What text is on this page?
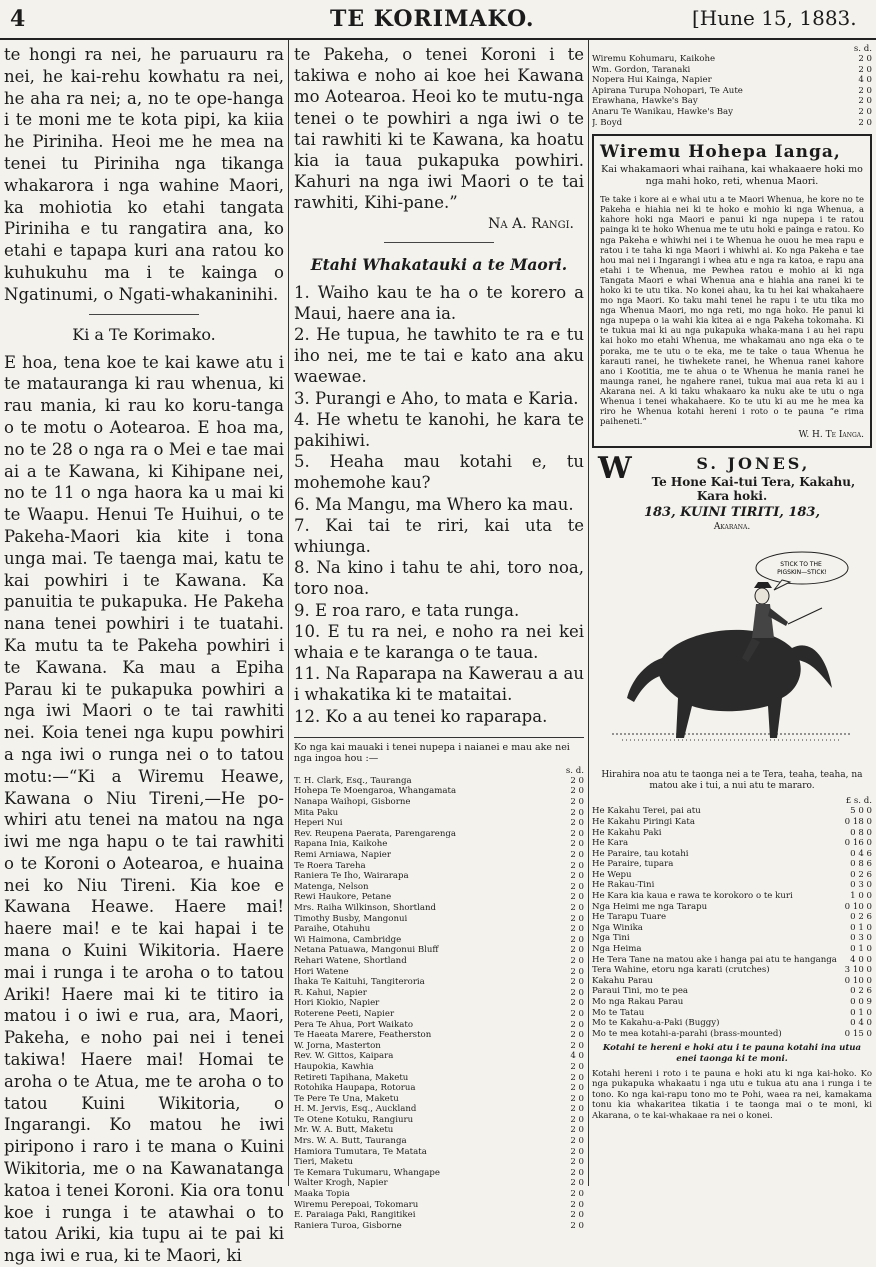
4	TE KORIMAKO.	[Hune 15, 1883.

te hongi ra nei, he paruauru ra nei, he kai-rehu kowhatu ra nei, he aha ra nei; a, no te ope-hanga i te moni me te kota pipi, ka kiia he Piriniha. Heoi me he mea na tenei tu Piriniha nga tikanga whakarora i nga wahine Maori, ka mohiotia ko etahi tangata Piriniha e tu rangatira ana, ko etahi e tapapa kuri ana ratou ko kuhukuhu ma i te kainga o Ngatinumi, o Ngati-whakaninihi.

Ki a Te Korimako.

E hoa, tena koe te kai kawe atu i te matauranga ki rau whenua, ki rau mania, ki rau ko koru-tanga o te motu o Aotearoa. E hoa ma, no te 28 o nga ra o Mei e tae mai ai a te Kawana, ki Kihipane nei, no te 11 o nga haora ka u mai ki te Waapu. Henui Te Huihui, o te Pakeha-Maori kia kite i tona unga mai. Te taenga mai, katu te kai powhiri i te Kawana. Ka panuitia te pukapuka. He Pakeha nana tenei powhiri i te tuatahi. Ka mutu ta te Pakeha powhiri i te Kawana. Ka mau a Epiha Parau ki te pukapuka powhiri a nga iwi Maori o te tai rawhiti nei. Koia tenei nga kupu powhiri a nga iwi o runga nei o to tatou motu:—“Ki a Wiremu Heawe, Kawana o Niu Tireni,—He po-whiri atu tenei na matou na nga iwi me nga hapu o te tai rawhiti o te Koroni o Aotearoa, e huaina nei ko Niu Tireni. Kia koe e Kawana Heawe. Haere mai! haere mai! e te kai hapai i te mana o Kuini Wikitoria. Haere mai i runga i te aroha o to tatou Ariki! Haere mai ki te titiro ia matou i o iwi e rua, ara, Maori, Pakeha, e noho pai nei i tenei takiwa! Haere mai! Homai te aroha o te Atua, me te aroha o to tatou Kuini Wikitoria, o Ingarangi. Ko matou he iwi piripono i raro i te mana o Kuini Wikitoria, me o na Kawanatanga katoa i tenei Koroni. Kia ora tonu koe i runga i te atawhai o to tatou Ariki, kia tupu ai te pai ki nga iwi e rua, ki te Maori, ki

te Pakeha, o tenei Koroni i te takiwa e noho ai koe hei Kawana mo Aotearoa. Heoi ko te mutu-nga tenei o te powhiri a nga iwi o te tai rawhiti ki te Kawana, ka hoatu kia ia taua pukapuka powhiri. Kahuri na nga iwi Maori o te tai rawhiti, Kihi-pane.”

Na A. Rangi.
Etahi Whakatauki a te Maori.

1. Waiho kau te ha o te korero a Maui, haere ana ia.

2. He tupua, he tawhito te ra e tu iho nei, me te tai e kato ana aku waewae.

3. Purangi e Aho, to mata e Karia.

4. He whetu te kanohi, he kara te pakihiwi.

5. Heaha mau kotahi e, tu mohemohe kau?

6. Ma Mangu, ma Whero ka mau.

7. Kai tai te riri, kai uta te whiunga.

8. Na kino i tahu te ahi, toro noa, toro noa.

9. E roa raro, e tata runga.

10. E tu ra nei, e noho ra nei kei whaia e te karanga o te taua.

11. Na Raparapa na Kawerau a au i whakatika ki te mataitai.

12. Ko a au tenei ko raparapa.

Ko nga kai mauaki i tenei nupepa i naianei e mau ake nei nga ingoa hou :—
s. d.
T. H. Clark, Esq., Tauranga	2 0
Hohepa Te Moengaroa, Whangamata	2 0
Nanapa Waihopi, Gisborne	2 0
Mita Paku	2 0
Heperi Nui	2 0
Rev. Reupena Paerata, Parengarenga	2 0
Rapana Inia, Kaikohe	2 0
Remi Arniawa, Napier	2 0
Te Roera Tareha	2 0
Raniera Te Iho, Wairarapa	2 0
Matenga, Nelson	2 0
Rewi Haukore, Petane	2 0
Mrs. Raiha Wilkinson, Shortland	2 0
Timothy Busby, Mangonui	2 0
Paraihe, Otahuhu	2 0
Wi Haimona, Cambridge	2 0
Netana Patuawa, Mangonui Bluff	2 0
Rehari Watene, Shortland	2 0
Hori Watene	2 0
Ihaka Te Kaituhi, Tangiteroria	2 0
R. Kahui, Napier	2 0
Hori Kiokio, Napier	2 0
Roterene Peeti, Napier	2 0
Pera Te Ahua, Port Waikato	2 0
Te Haeata Marere, Featherston	2 0
W. Jorna, Masterton	2 0
Rev. W. Gittos, Kaipara	4 0
Haupokia, Kawhia	2 0
Retireti Tapihana, Maketu	2 0
Rotohika Haupapa, Rotorua	2 0
Te Pere Te Una, Maketu	2 0
H. M. Jervis, Esq., Auckland	2 0
Te Otene Kotuku, Rangiuru	2 0
Mr. W. A. Butt, Maketu	2 0
Mrs. W. A. Butt, Tauranga	2 0
Hamiora Tumutara, Te Matata	2 0
Tieri, Maketu	2 0
Te Kemara Tukumaru, Whangape	2 0
Walter Krogh, Napier	2 0
Maaka Topia	2 0
Wiremu Perepoai, Tokomaru	2 0
E. Paraiaga Paki, Rangitikei	2 0
Raniera Turoa, Gisborne	2 0
s. d.
Wiremu Kohumaru, Kaikohe	2 0
Wm. Gordon, Taranaki	2 0
Nopera Hui Kainga, Napier	4 0
Apirana Turupa Nohopari, Te Aute	2 0
Erawhana, Hawke's Bay	2 0
Anaru Te Wanikau, Hawke's Bay	2 0
J. Boyd	2 0
Wiremu Hohepa Ianga,
Kai whakamaori whai raihana, kai whakaaere hoki mo nga mahi hoko, reti, whenua Maori.

Te take i kore ai e whai utu a te Maori Whenua, he kore no te Pakeha e hiahia nei ki te hoko e mohio ki nga Whenua, a kahore hoki nga Maori e panui ki nga nupepa i te ratou painga ki te hoko Whenua me te utu hoki e painga e ratou. Ko nga Pakeha e whiwhi nei i te Whenua he ouou he mea rapu e ratou i te taha ki nga Maori i whiwhi ai. Ko nga Pakeha e tae hou mai nei i Ingarangi i whea atu e nga ra katoa, e rapu ana etahi i te Whenua, me Pewhea ratou e mohio ai ki nga Tangata Maori e whai Whenua ana e hiahia ana ranei ki te hoko ki te utu tika. No konei ahau, ka tu hei kai whakahaere mo nga Maori. Ko taku mahi tenei he rapu i te utu tika mo nga Whenua Maori, mo nga reti, mo nga hoko. He panui ki nga nupepa o ia wahi kia kitea ai e nga Pakeha tokomaha. Ki te tukua mai ki au nga pukapuka whaka-mana i au hei rapu kai hoko mo etahi Whenua, me whakamau ano nga eka o te poraka, me te utu o te eka, me te take o taua Whenua he karauti ranei, he tiwhekete ranei, he Whenua ranei kahore ano i Kootitia, me te ahua o te Whenua he mania ranei he maunga ranei, he ngahere ranei, tukua mai aua reta ki au i Akarana nei. A ki taku whakaaro ka nuku ake te utu o nga Whenua i tenei whakahaere. Ko te utu ki au me he mea ka riro he Whenua kotahi hereni i roto o te pauna “e rima paiheneti.”

W. H. Te Ianga.
W	S. JONES,
Te Hone Kai-tui Tera, Kakahu,
Kara hoki.
183, KUINI TIRITI, 183,
Akarana.
STICK TO THE PIGSKIN—STICK!
Hirahira noa atu te taonga nei a te Tera, teaha, teaha, na matou ake i tui, a nui atu te mararo.
£ s. d.
He Kakahu Terei, pai atu	5 0 0
He Kakahu Piringi Kata	0 18 0
He Kakahu Paki	0 8 0
He Kara	0 16 0
He Paraire, tau kotahi	0 4 6
He Paraire, tupara	0 8 6
He Wepu	0 2 6
He Rakau-Tini	0 3 0
He Kara kia kaua e rawa te korokoro o te kuri	1 0 0
Nga Heimi me nga Tarapu	0 10 0
He Tarapu Tuare	0 2 6
Nga Winika	0 1 0
Nga Tini	0 3 0
Nga Heima	0 1 0
He Tera Tane na matou ake i hanga pai atu te hanganga	4 0 0
Tera Wahine, etoru nga karati (crutches)	3 10 0
Kakahu Parau	0 10 0
Paraui Tini, mo te pea	0 2 6
Mo nga Rakau Parau	0 0 9
Mo te Tatau	0 1 0
Mo te Kakahu-a-Paki (Buggy)	0 4 0
Mo te mea kotahi-a-parahi (brass-mounted)	0 15 0

Kotahi te hereni e hoki atu i te pauna kotahi ina utua enei taonga ki te moni.

Kotahi hereni i roto i te pauna e hoki atu ki nga kai-hoko. Ko nga pukapuka whakaatu i nga utu e tukua atu ana i runga i te tono. Ko nga kai-rapu tono mo te Pohi, waea ra nei, kamakama tonu kia whakaritea tikatia i te taonga mai o te moni, ki Akarana, o te kai-whakaae ra nei o konei.
